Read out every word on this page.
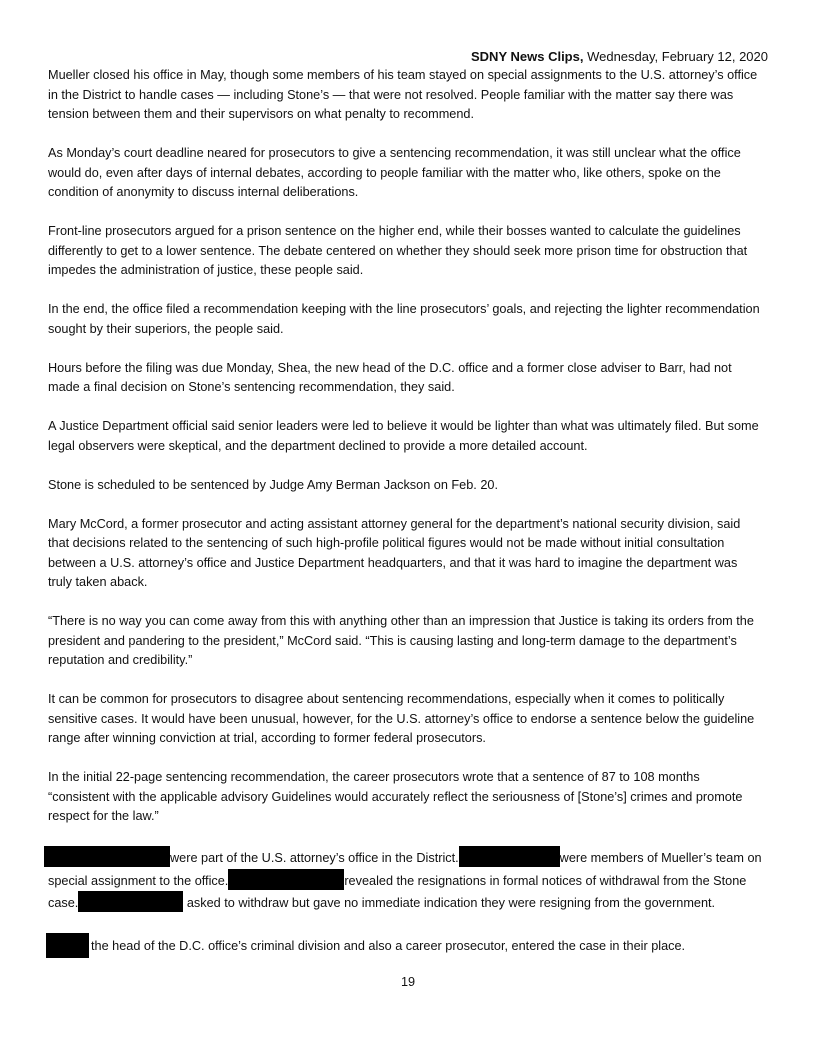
SDNY News Clips, Wednesday, February 12, 2020

Mueller closed his office in May, though some members of his team stayed on special assignments to the U.S. attorney’s office in the District to handle cases — including Stone’s — that were not resolved. People familiar with the matter say there was tension between them and their supervisors on what penalty to recommend.

As Monday’s court deadline neared for prosecutors to give a sentencing recommendation, it was still unclear what the office would do, even after days of internal debates, according to people familiar with the matter who, like others, spoke on the condition of anonymity to discuss internal deliberations.

Front-line prosecutors argued for a prison sentence on the higher end, while their bosses wanted to calculate the guidelines differently to get to a lower sentence. The debate centered on whether they should seek more prison time for obstruction that impedes the administration of justice, these people said.

In the end, the office filed a recommendation keeping with the line prosecutors’ goals, and rejecting the lighter recommendation sought by their superiors, the people said.

Hours before the filing was due Monday, Shea, the new head of the D.C. office and a former close adviser to Barr, had not made a final decision on Stone’s sentencing recommendation, they said.

A Justice Department official said senior leaders were led to believe it would be lighter than what was ultimately filed. But some legal observers were skeptical, and the department declined to provide a more detailed account.

Stone is scheduled to be sentenced by Judge Amy Berman Jackson on Feb. 20.

Mary McCord, a former prosecutor and acting assistant attorney general for the department’s national security division, said that decisions related to the sentencing of such high-profile political figures would not be made without initial consultation between a U.S. attorney’s office and Justice Department headquarters, and that it was hard to imagine the department was truly taken aback.

“There is no way you can come away from this with anything other than an impression that Justice is taking its orders from the president and pandering to the president,” McCord said. “This is causing lasting and long-term damage to the department’s reputation and credibility.”

It can be common for prosecutors to disagree about sentencing recommendations, especially when it comes to politically sensitive cases. It would have been unusual, however, for the U.S. attorney’s office to endorse a sentence below the guideline range after winning conviction at trial, according to former federal prosecutors.

In the initial 22-page sentencing recommendation, the career prosecutors wrote that a sentence of 87 to 108 months “consistent with the applicable advisory Guidelines would accurately reflect the seriousness of [Stone’s] crimes and promote respect for the law.”

were part of the U.S. attorney’s office in the District.	were members of Mueller’s team on special assignment to the office.	revealed the resignations in formal notices of withdrawal from the Stone case.	asked to withdraw but gave no immediate indication they were resigning from the government.

the head of the D.C. office’s criminal division and also a career prosecutor, entered the case in their place.

19
